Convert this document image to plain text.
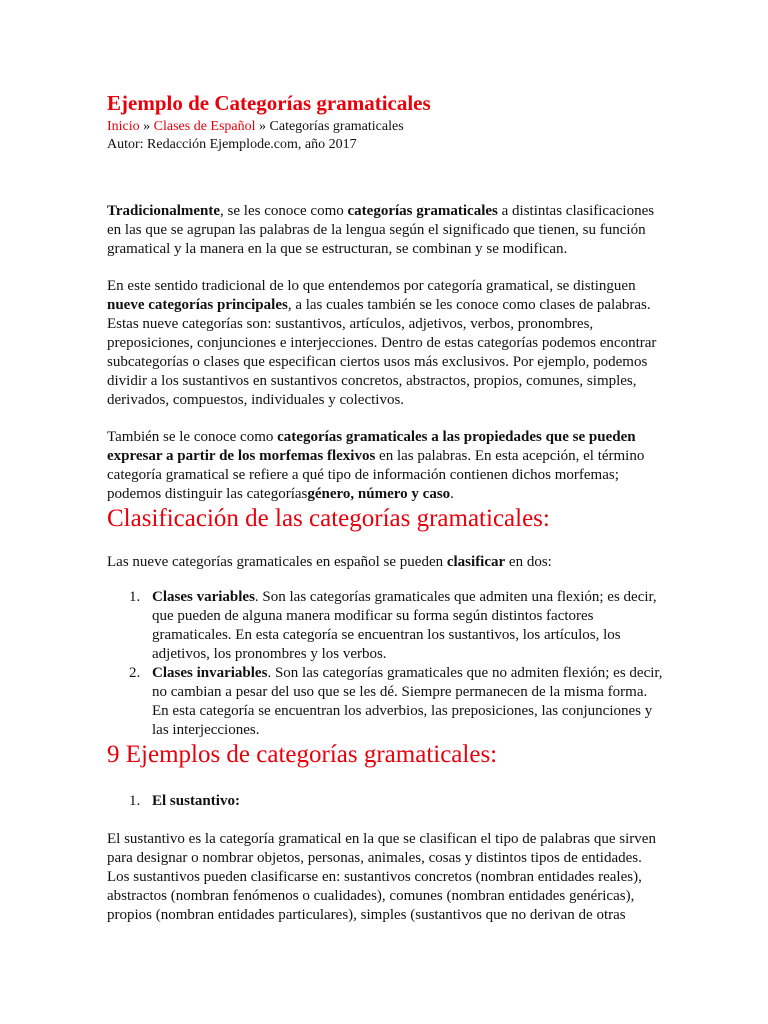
Ejemplo de Categorías gramaticales
Inicio » Clases de Español » Categorías gramaticales
Autor: Redacción Ejemplode.com, año 2017

Tradicionalmente, se les conoce como categorías gramaticales a distintas clasificaciones en las que se agrupan las palabras de la lengua según el significado que tienen, su función gramatical y la manera en la que se estructuran, se combinan y se modifican.

En este sentido tradicional de lo que entendemos por categoría gramatical, se distinguen nueve categorías principales, a las cuales también se les conoce como clases de palabras. Estas nueve categorías son: sustantivos, artículos, adjetivos, verbos, pronombres, preposiciones, conjunciones e interjecciones. Dentro de estas categorías podemos encontrar subcategorías o clases que especifican ciertos usos más exclusivos. Por ejemplo, podemos dividir a los sustantivos en sustantivos concretos, abstractos, propios, comunes, simples, derivados, compuestos, individuales y colectivos.

También se le conoce como categorías gramaticales a las propiedades que se pueden expresar a partir de los morfemas flexivos en las palabras. En esta acepción, el término categoría gramatical se refiere a qué tipo de información contienen dichos morfemas; podemos distinguir las categoríasgénero, número y caso.

Clasificación de las categorías gramaticales:

Las nueve categorías gramaticales en español se pueden clasificar en dos:

1. Clases variables. Son las categorías gramaticales que admiten una flexión; es decir, que pueden de alguna manera modificar su forma según distintos factores gramaticales. En esta categoría se encuentran los sustantivos, los artículos, los adjetivos, los pronombres y los verbos.
2. Clases invariables. Son las categorías gramaticales que no admiten flexión; es decir, no cambian a pesar del uso que se les dé. Siempre permanecen de la misma forma. En esta categoría se encuentran los adverbios, las preposiciones, las conjunciones y las interjecciones.
9 Ejemplos de categorías gramaticales:
1. El sustantivo:

El sustantivo es la categoría gramatical en la que se clasifican el tipo de palabras que sirven para designar o nombrar objetos, personas, animales, cosas y distintos tipos de entidades. Los sustantivos pueden clasificarse en: sustantivos concretos (nombran entidades reales), abstractos (nombran fenómenos o cualidades), comunes (nombran entidades genéricas), propios (nombran entidades particulares), simples (sustantivos que no derivan de otras
